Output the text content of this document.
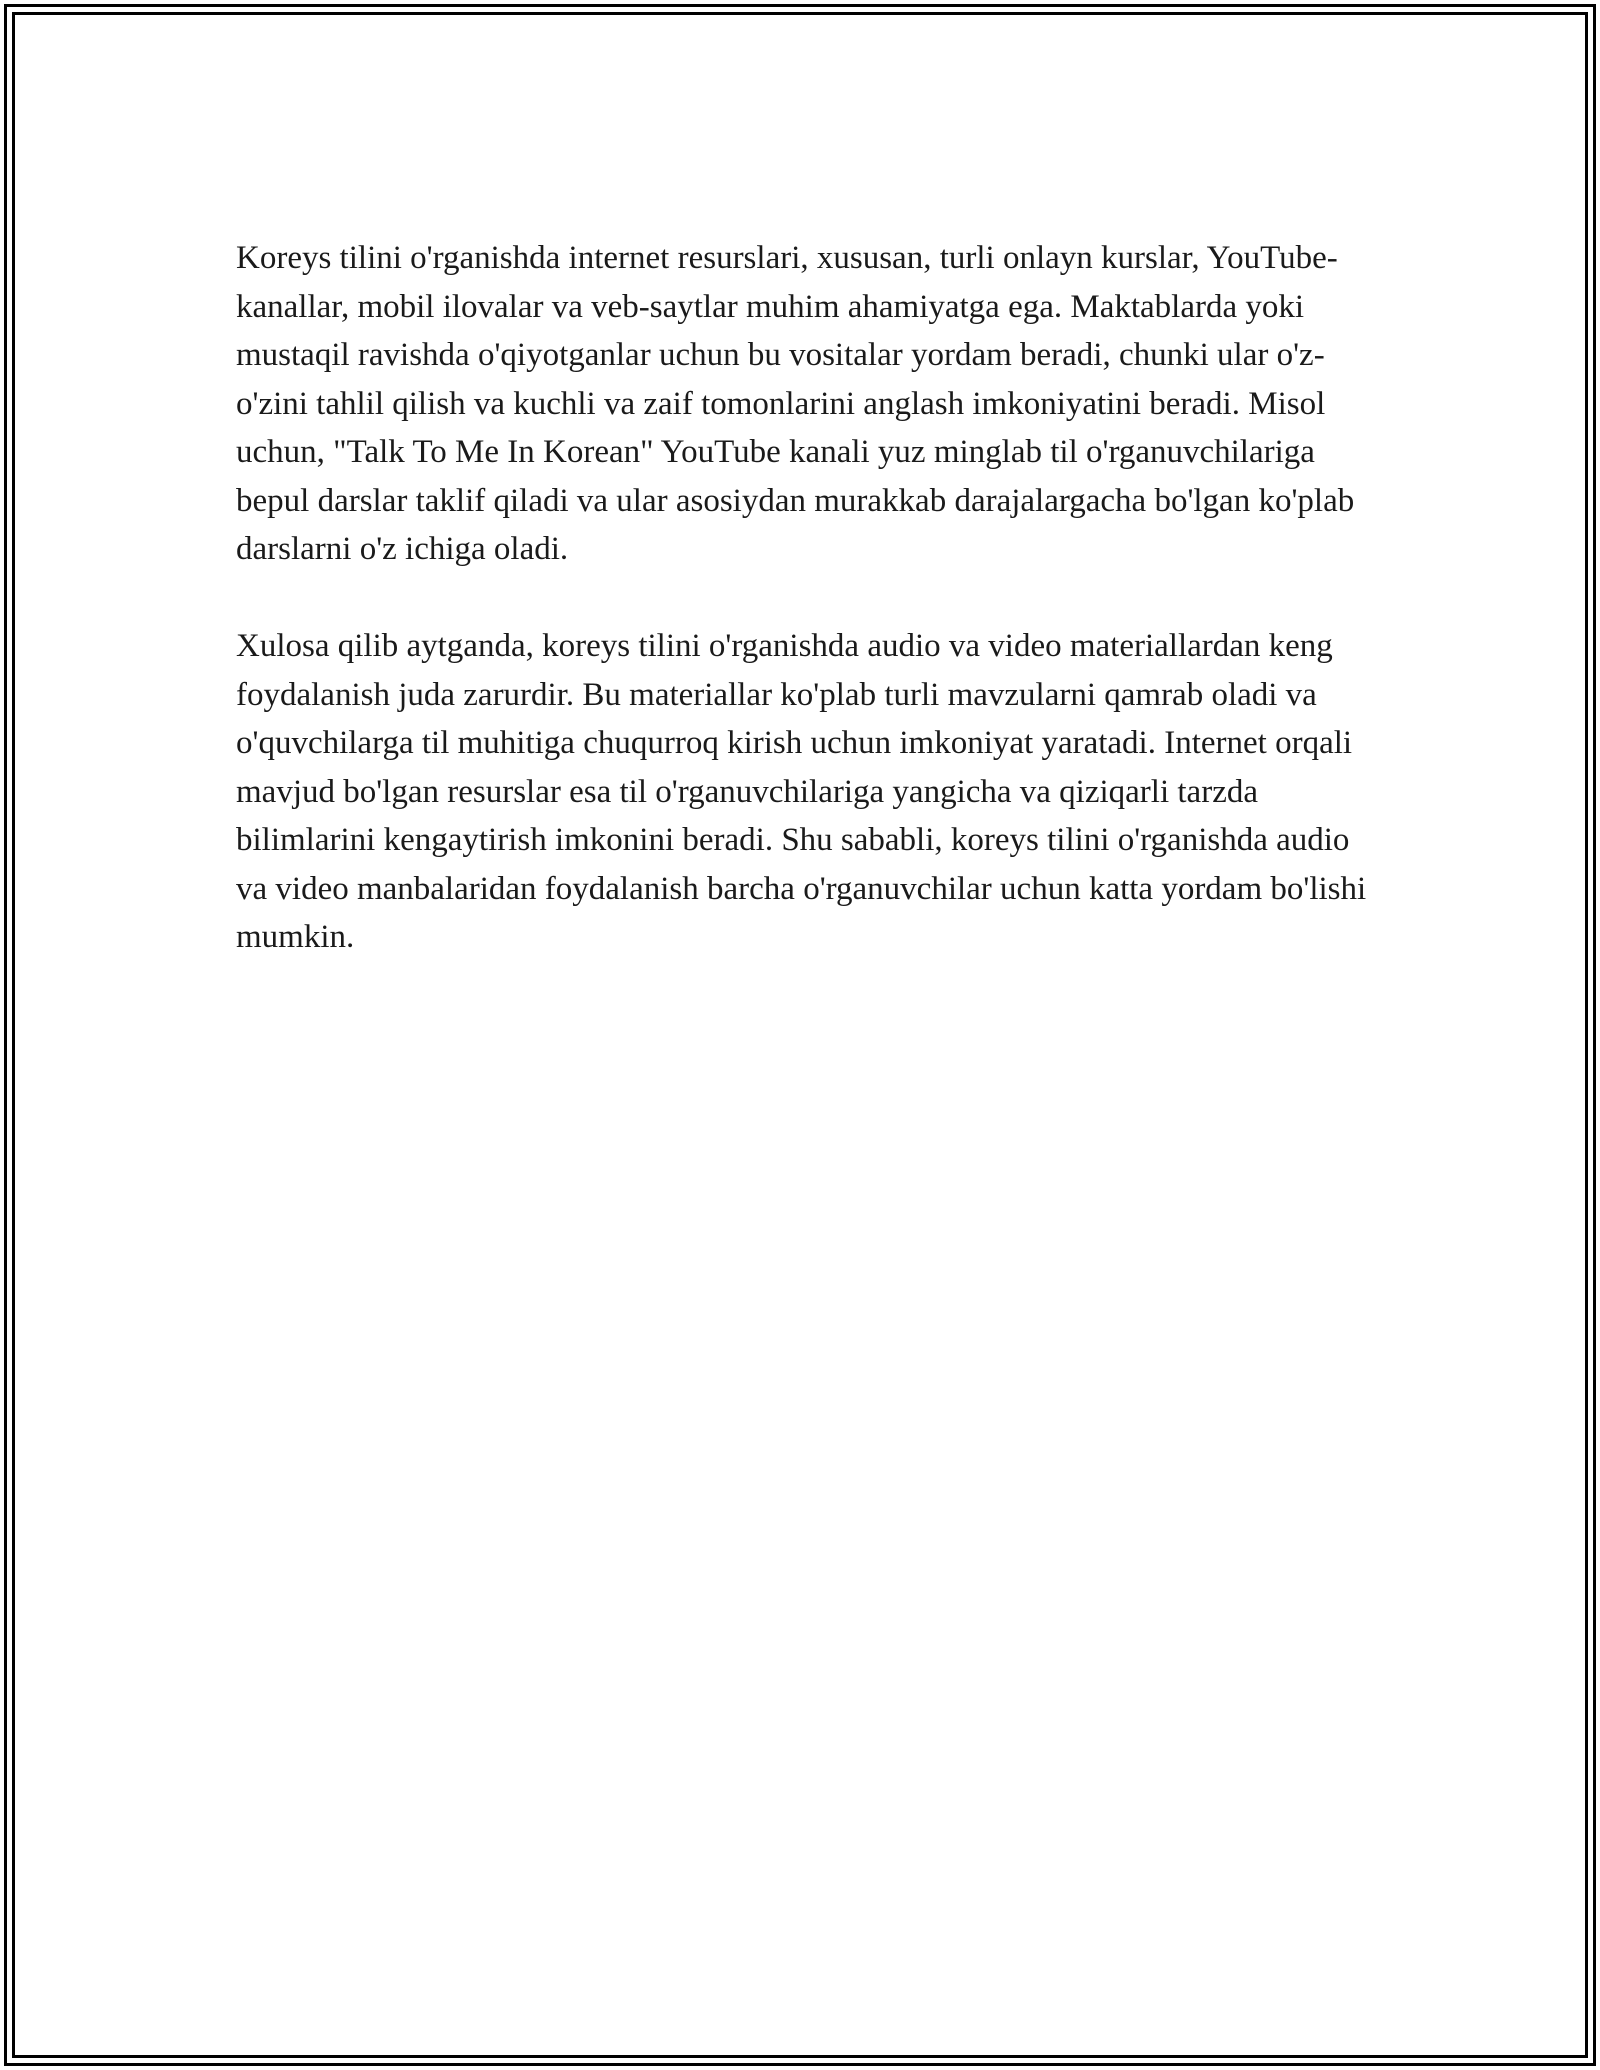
Koreys tilini o'rganishda internet resurslari, xususan, turli onlayn kurslar, YouTube-kanallar, mobil ilovalar va veb-saytlar muhim ahamiyatga ega. Maktablarda yoki mustaqil ravishda o'qiyotganlar uchun bu vositalar yordam beradi, chunki ular o'z-o'zini tahlil qilish va kuchli va zaif tomonlarini anglash imkoniyatini beradi. Misol uchun, "Talk To Me In Korean" YouTube kanali yuz minglab til o'rganuvchilariga bepul darslar taklif qiladi va ular asosiydan murakkab darajalargacha bo'lgan ko'plab darslarni o'z ichiga oladi.

Xulosa qilib aytganda, koreys tilini o'rganishda audio va video materiallardan keng foydalanish juda zarurdir. Bu materiallar ko'plab turli mavzularni qamrab oladi va o'quvchilarga til muhitiga chuqurroq kirish uchun imkoniyat yaratadi. Internet orqali mavjud bo'lgan resurslar esa til o'rganuvchilariga yangicha va qiziqarli tarzda bilimlarini kengaytirish imkonini beradi. Shu sababli, koreys tilini o'rganishda audio va video manbalaridan foydalanish barcha o'rganuvchilar uchun katta yordam bo'lishi mumkin.
